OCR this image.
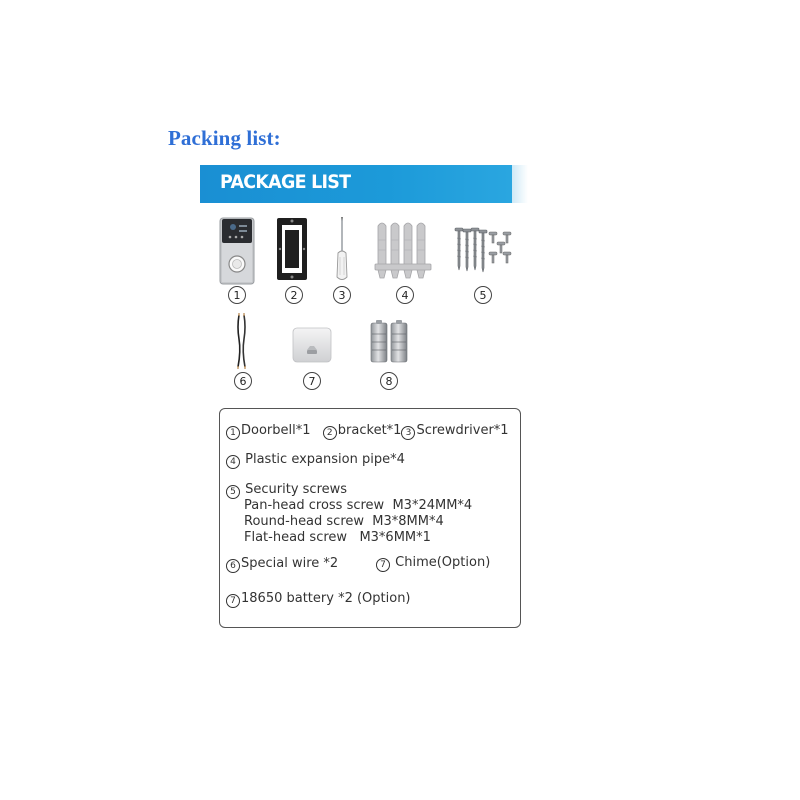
Packing list:
PACKAGE LIST
1	2	3	4	5
6	7	8
1 Doorbell*1 2 bracket*1 3 Screwdriver*1
4 Plastic expansion pipe*4
5 Security screws
Pan-head cross screw  M3*24MM*4
Round-head screw  M3*8MM*4
Flat-head screw   M3*6MM*1
6 Special wire *2	7 Chime(Option)
7 18650 battery *2 (Option)
